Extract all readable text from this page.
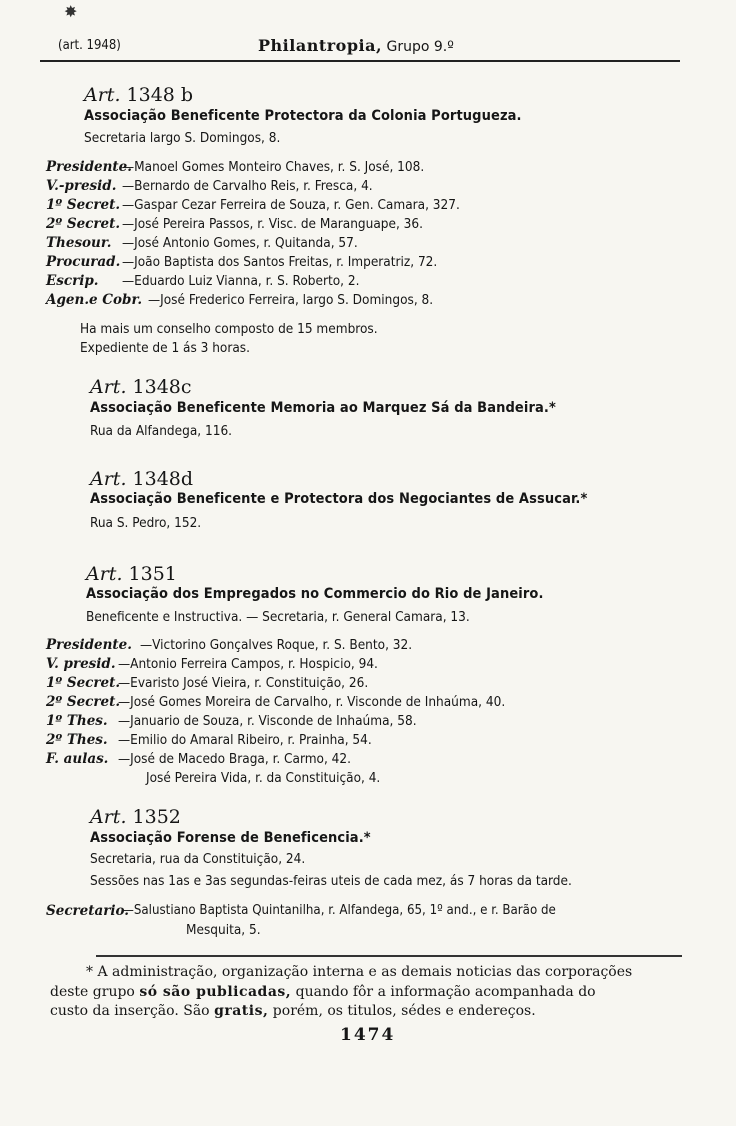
✸
(art. 1948)	Philantropia, Grupo 9.º
Art. 1348 b
Associação Beneficente Protectora da Colonia Portugueza.
Secretaria largo S. Domingos, 8.
Presidente.
—Manoel Gomes Monteiro Chaves, r. S. José, 108.
V.-presid. —Bernardo de Carvalho Reis, r. Fresca, 4.
1º Secret. —Gaspar Cezar Ferreira de Souza, r. Gen. Camara, 327.
2º Secret. —José Pereira Passos, r. Visc. de Maranguape, 36.
Thesour. —José Antonio Gomes, r. Quitanda, 57.
Procurad. —João Baptista dos Santos Freitas, r. Imperatriz, 72.
Escrip. —Eduardo Luiz Vianna, r. S. Roberto, 2.
Agen.e Cobr. —José Frederico Ferreira, largo S. Domingos, 8.
Ha mais um conselho composto de 15 membros.
Expediente de 1 ás 3 horas.
Art. 1348c
Associação Beneficente Memoria ao Marquez Sá da Bandeira.*
Rua da Alfandega, 116.
Art. 1348d
Associação Beneficente e Protectora dos Negociantes de Assucar.*
Rua S. Pedro, 152.
Art. 1351
Associação dos Empregados no Commercio do Rio de Janeiro.
Beneficente e Instructiva. — Secretaria, r. General Camara, 13.
Presidente. —Victorino Gonçalves Roque, r. S. Bento, 32.
V. presid. —Antonio Ferreira Campos, r. Hospicio, 94.
1º Secret.
—Evaristo José Vieira, r. Constituição, 26.
2º Secret.
—José Gomes Moreira de Carvalho, r. Visconde de Inhaúma, 40.
1º Thes. —Januario de Souza, r. Visconde de Inhaúma, 58.
2º Thes. —Emilio do Amaral Ribeiro, r. Prainha, 54.
F. aulas. —José de Macedo Braga, r. Carmo, 42.
José Pereira Vida, r. da Constituição, 4.
Art. 1352
Associação Forense de Beneficencia.*
Secretaria, rua da Constituição, 24.
Sessões nas 1as e 3as segundas-feiras uteis de cada mez, ás 7 horas da tarde.
Secretario.
—Salustiano Baptista Quintanilha, r. Alfandega, 65, 1º and., e r. Barão de
Mesquita, 5.
* A administração, organização interna e as demais noticias das corporações
deste grupo só são publicadas, quando fôr a informação acompanhada do
custo da inserção. São gratis, porém, os titulos, sédes e endereços.
1474
